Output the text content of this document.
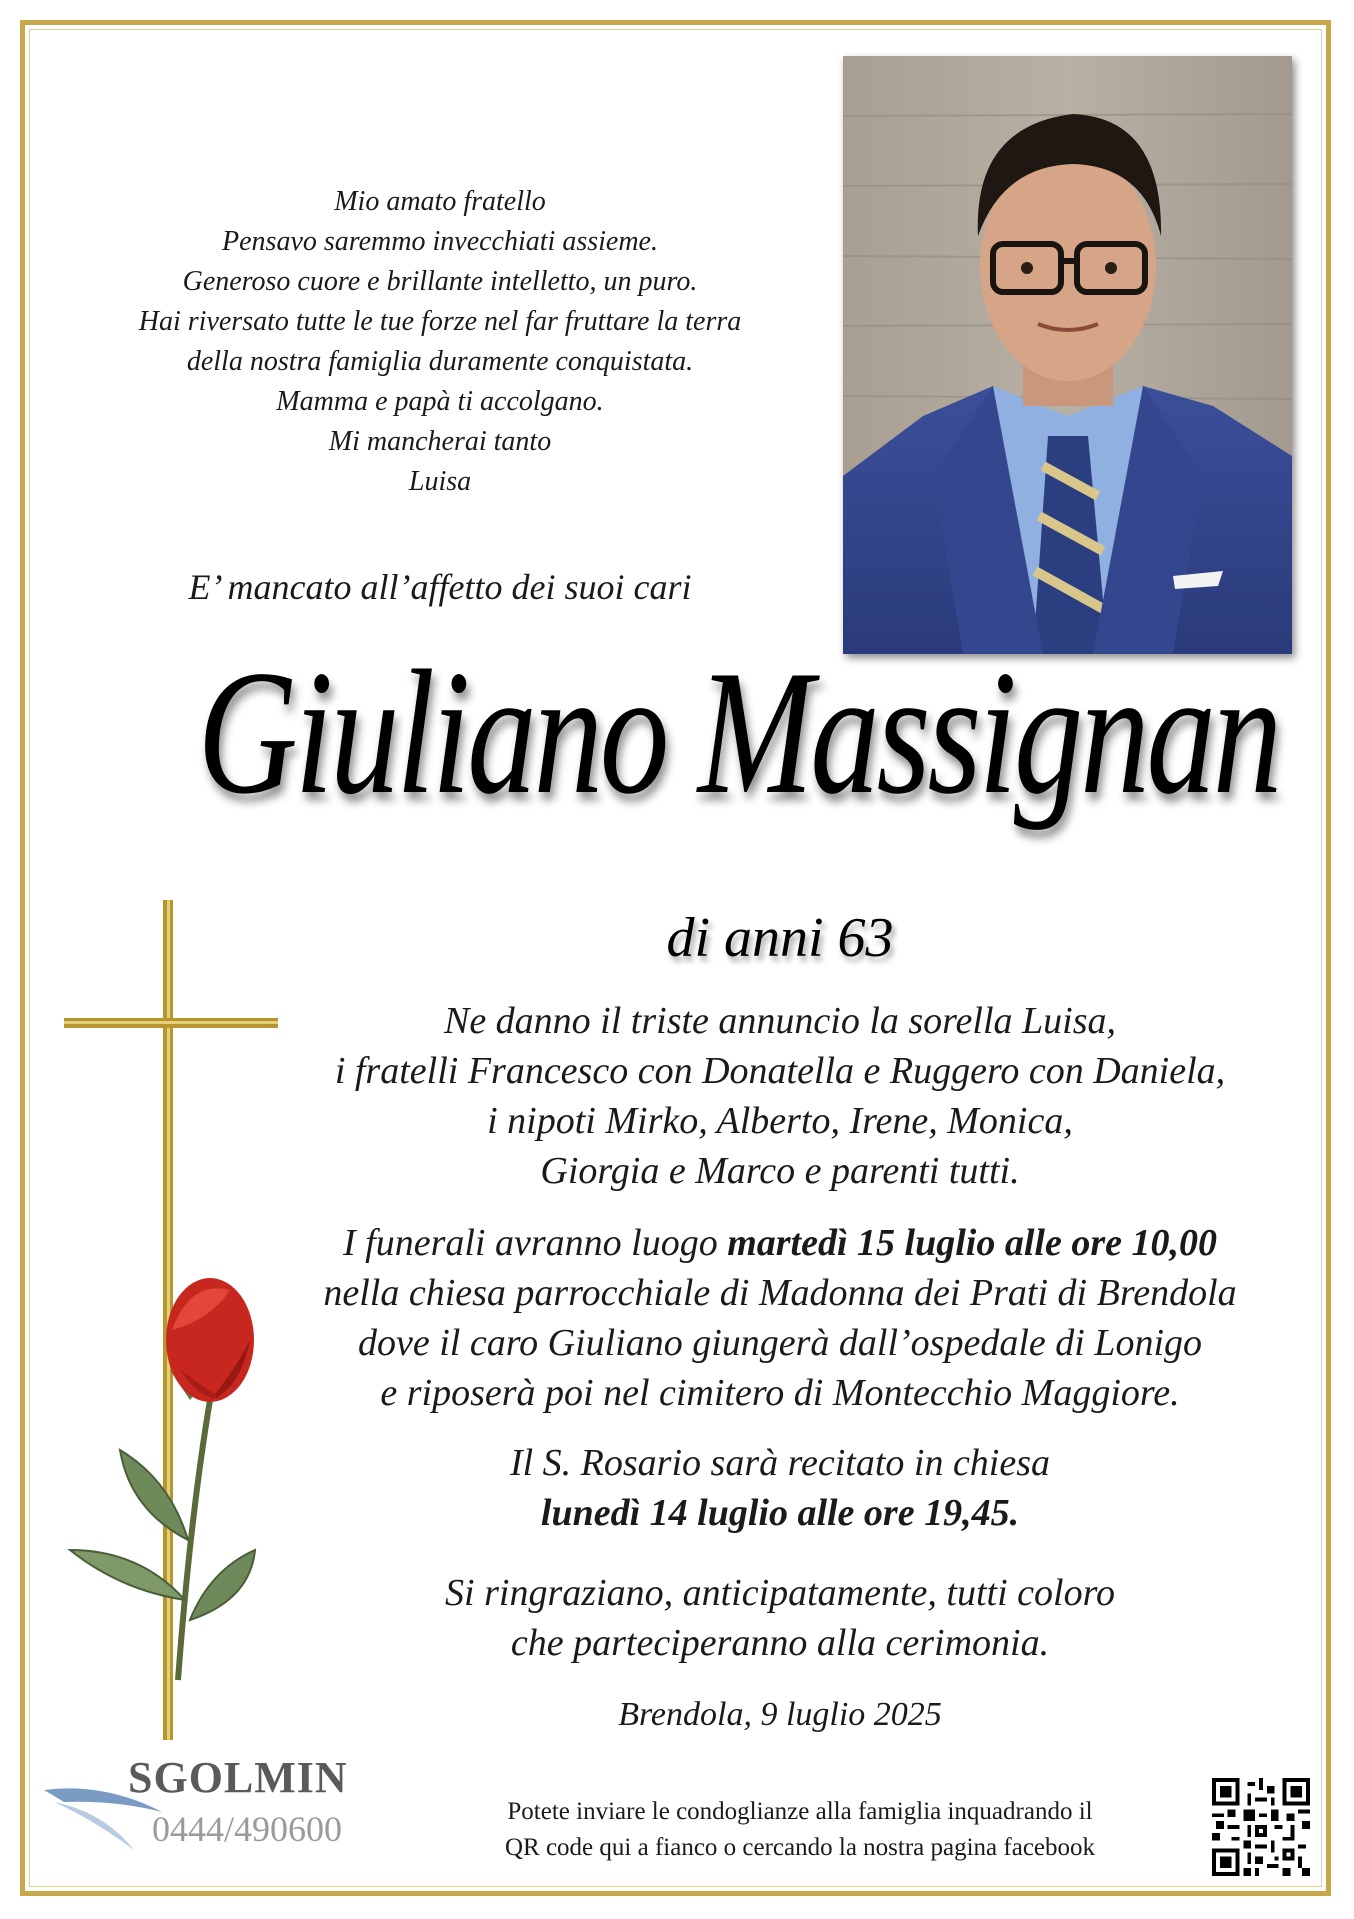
Mio amato fratello
Pensavo saremmo invecchiati assieme.
Generoso cuore e brillante intelletto, un puro.
Hai riversato tutte le tue forze nel far fruttare la terra
della nostra famiglia duramente conquistata.
Mamma e papà ti accolgano.
Mi mancherai tanto
Luisa
E’ mancato all’affetto dei suoi cari
Giuliano Massignan
di anni 63
Ne danno il triste annuncio la sorella Luisa,
i fratelli Francesco con Donatella e Ruggero con Daniela,
i nipoti Mirko, Alberto, Irene, Monica,
Giorgia e Marco e parenti tutti.
I funerali avranno luogo martedì 15 luglio alle ore 10,00
nella chiesa parrocchiale di Madonna dei Prati di Brendola
dove il caro Giuliano giungerà dall’ospedale di Lonigo
e riposerà poi nel cimitero di Montecchio Maggiore.
Il S. Rosario sarà recitato in chiesa
lunedì 14 luglio alle ore 19,45.
Si ringraziano, anticipatamente, tutti coloro
che parteciperanno alla cerimonia.
Brendola, 9 luglio 2025
SGOLMIN
0444/490600	Potete inviare le condoglianze alla famiglia inquadrando il
QR code qui a fianco o cercando la nostra pagina facebook
